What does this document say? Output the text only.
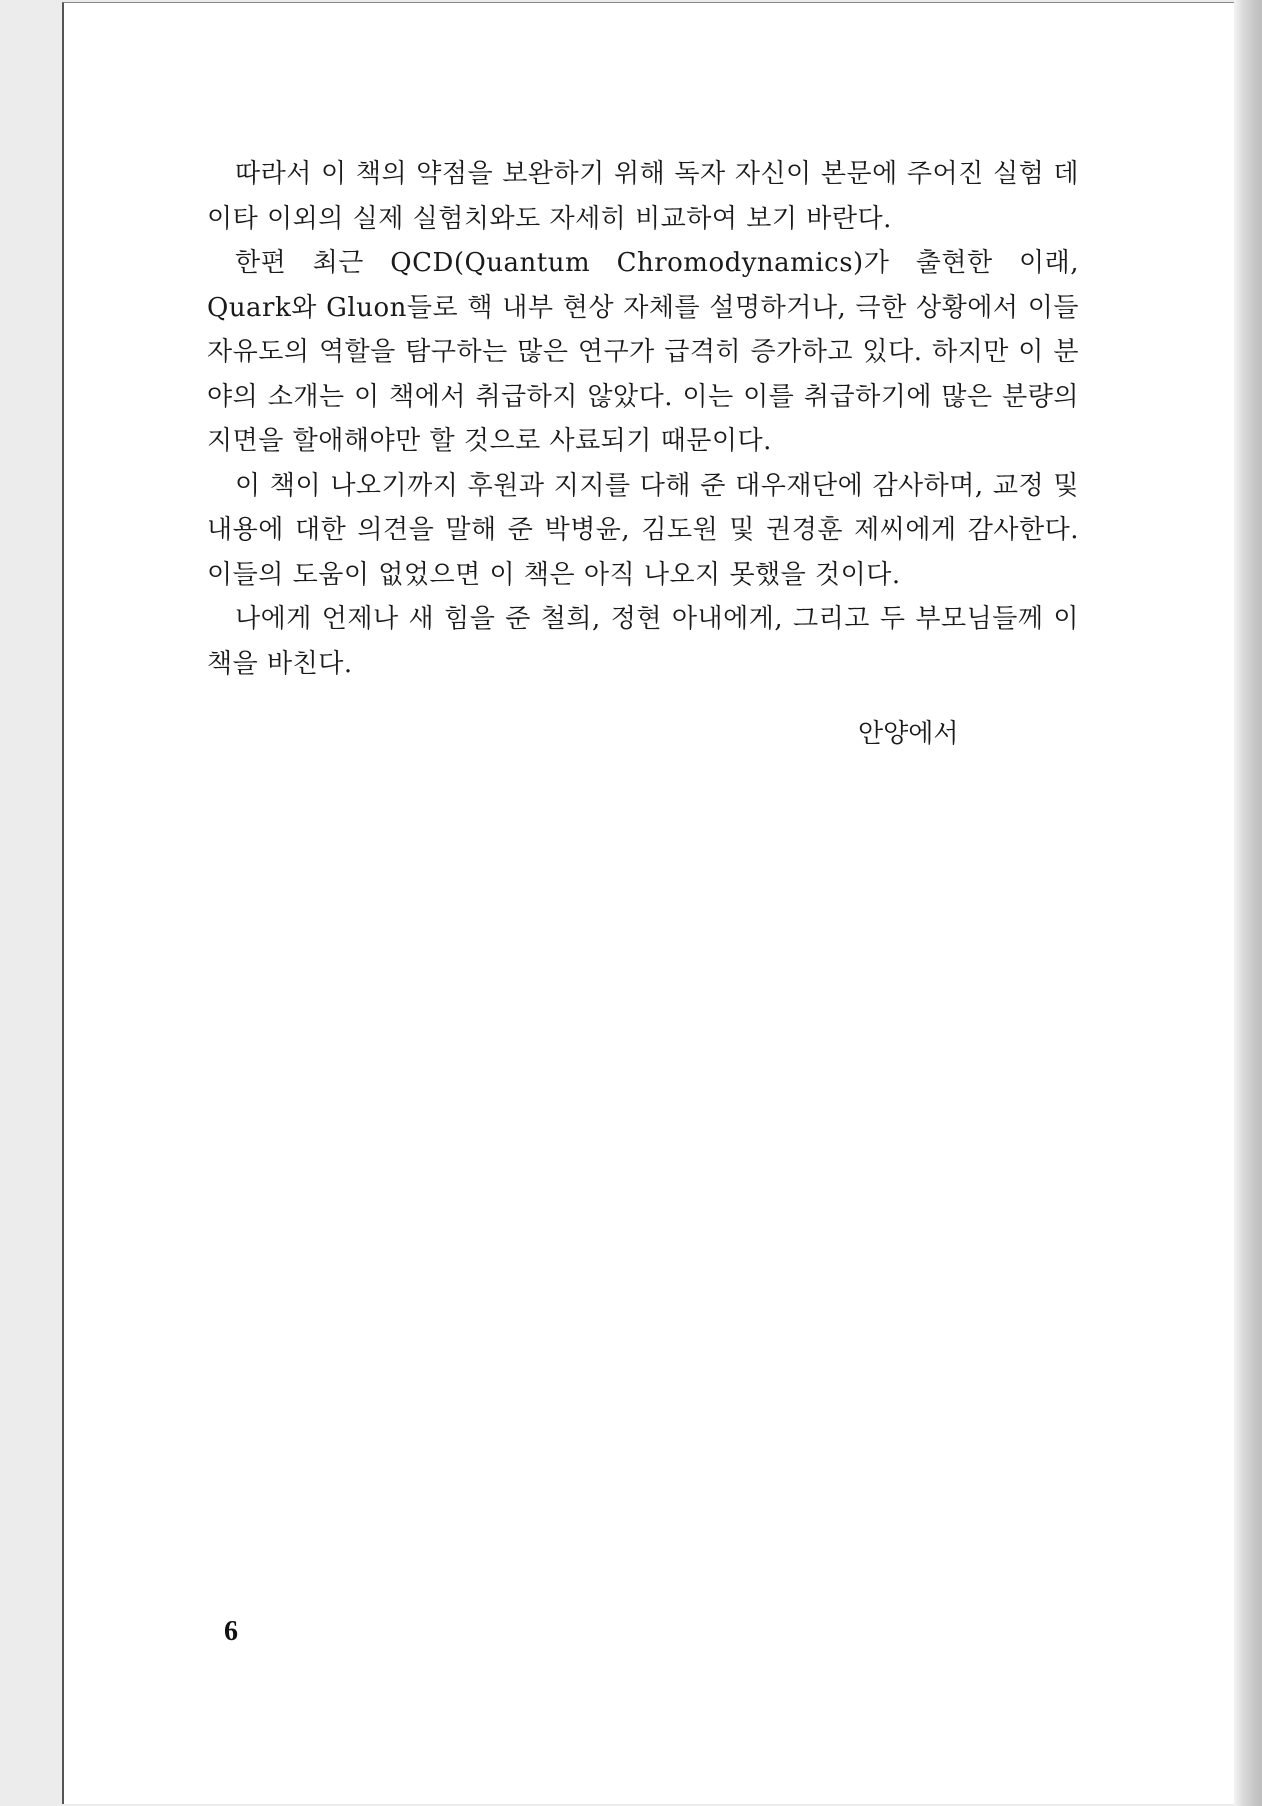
따라서 이 책의 약점을 보완하기 위해 독자 자신이 본문에 주어진 실험 데이타 이외의 실제 실험치와도 자세히 비교하여 보기 바란다.

한편 최근 QCD(Quantum Chromodynamics)가 출현한 이래, Quark와 Gluon들로 핵 내부 현상 자체를 설명하거나, 극한 상황에서 이들 자유도의 역할을 탐구하는 많은 연구가 급격히 증가하고 있다. 하지만 이 분야의 소개는 이 책에서 취급하지 않았다. 이는 이를 취급하기에 많은 분량의 지면을 할애해야만 할 것으로 사료되기 때문이다.

이 책이 나오기까지 후원과 지지를 다해 준 대우재단에 감사하며, 교정 및 내용에 대한 의견을 말해 준 박병윤, 김도원 및 권경훈 제씨에게 감사한다. 이들의 도움이 없었으면 이 책은 아직 나오지 못했을 것이다.

나에게 언제나 새 힘을 준 철희, 정현 아내에게, 그리고 두 부모님들께 이 책을 바친다.

안양에서
6
